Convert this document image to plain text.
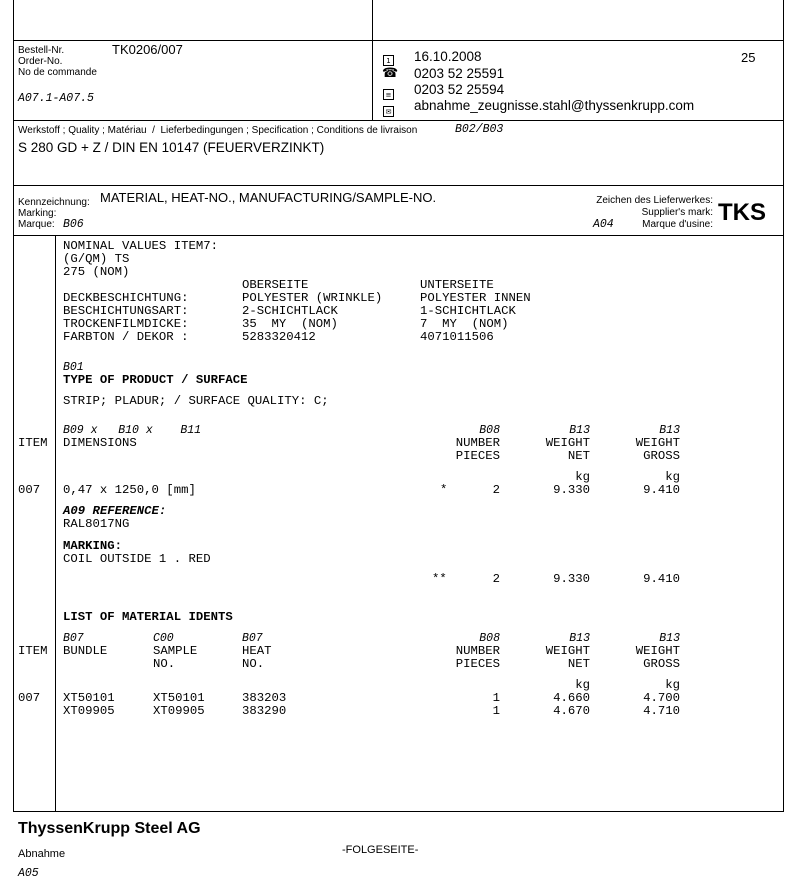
Bestell-Nr.
Order-No.
No de commande
TK0206/007
A07.1-A07.5
1 16.10.2008
☎ 0203 52 25591
≡ 0203 52 25594
✉ abnahme_zeugnisse.stahl@thyssenkrupp.com
25
Werkstoff ; Quality ; Matériau  /  Lieferbedingungen ; Specification ; Conditions de livraison	B02/B03
S 280 GD + Z / DIN EN 10147 (FEUERVERZINKT)
Kennzeichnung:
Marking:
Marque:
MATERIAL, HEAT-NO., MANUFACTURING/SAMPLE-NO.
B06
Zeichen des Lieferwerkes:
Supplier's mark:
Marque d'usine:
A04	TKS
NOMINAL VALUES ITEM7:
(G/QM) TS
275 (NOM)
OBERSEITE	UNTERSEITE
DECKBESCHICHTUNG:	POLYESTER (WRINKLE)	POLYESTER INNEN
BESCHICHTUNGSART:	2-SCHICHTLACK	1-SCHICHTLACK
TROCKENFILMDICKE:	35  MY  (NOM)	7  MY  (NOM)
FARBTON / DEKOR :	5283320412	4071011506
B01
TYPE OF PRODUCT / SURFACE
STRIP; PLADUR; / SURFACE QUALITY: C;
B09 x   B10 x    B11
ITEM DIMENSIONS
B08	B13	B13
NUMBER	WEIGHT	WEIGHT
PIECES	NET	GROSS
kg	kg
007 0,47 x 1250,0 [mm]	*	2	9.330	9.410
A09 REFERENCE:
RAL8017NG
MARKING:
COIL OUTSIDE 1 . RED
**	2	9.330	9.410
LIST OF MATERIAL IDENTS
B07	C00	B07	B08	B13	B13
ITEM BUNDLE	SAMPLE	HEAT	NUMBER	WEIGHT	WEIGHT
NO.	NO.	PIECES	NET	GROSS
kg	kg
007 XT50101	XT50101	383203	1	4.660	4.700
XT09905	XT09905	383290	1	4.670	4.710
ThyssenKrupp Steel AG
Abnahme
A05
-FOLGESEITE-
